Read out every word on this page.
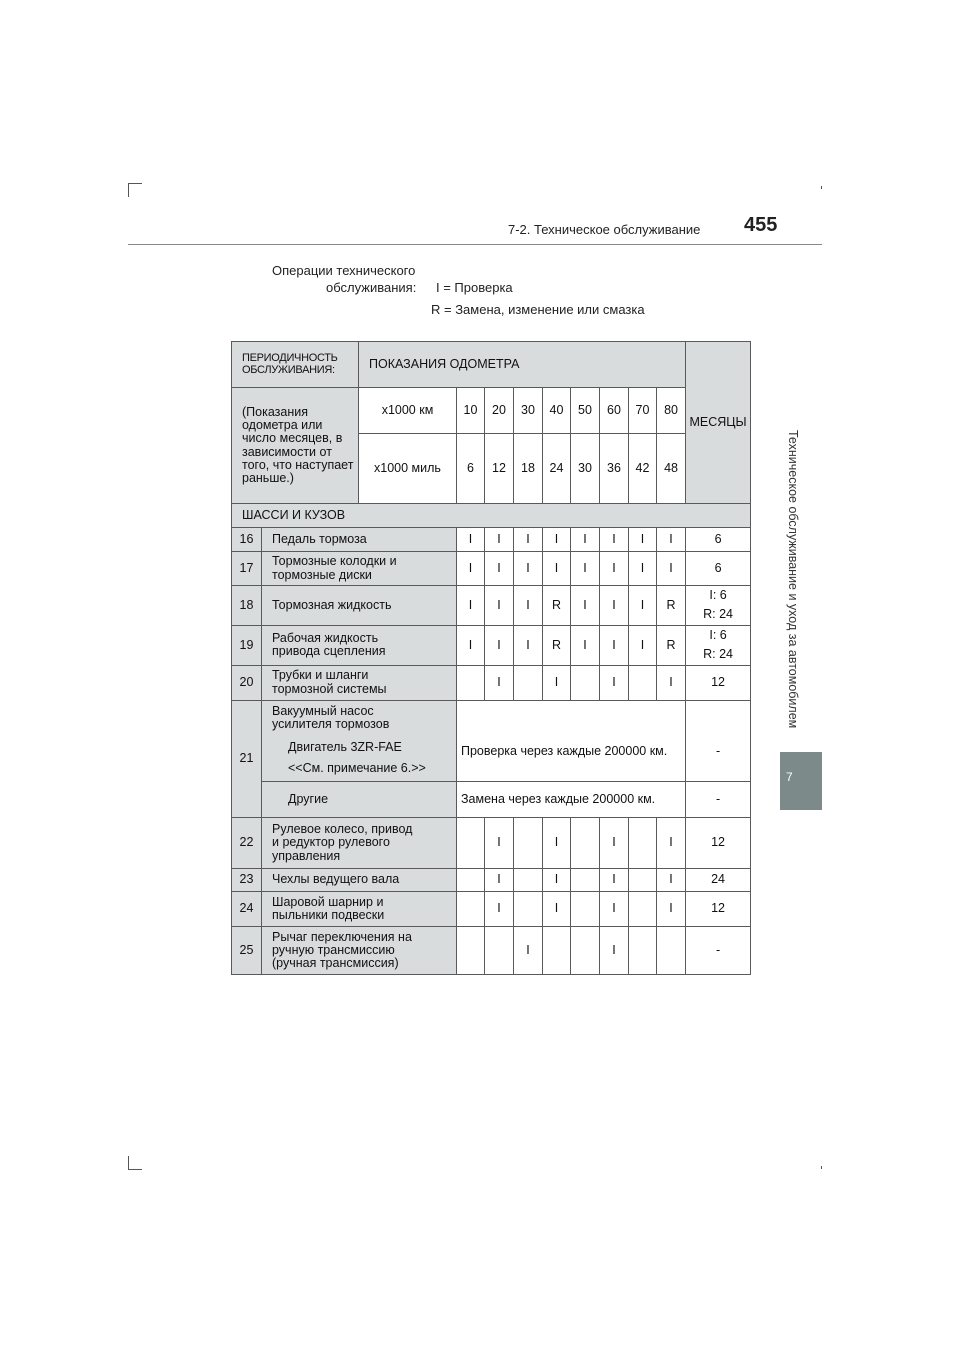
7-2. Техническое обслуживание 455
Техническое обслуживание и уход за автомобилем
7
Операции технического
обслуживания: I = Проверка
R = Замена, изменение или смазка
ПЕРИОДИЧНОСТЬ ОБСЛУЖИВАНИЯ:		ПОКАЗАНИЯ ОДОМЕТРА									МЕСЯЦЫ
(Показания одометра или число месяцев, в зависимости от того, что наступает раньше.)		x1000 км	10	20	30	40	50	60	70	80	
		x1000 миль	6	12	18	24	30	36	42	48	
ШАССИ И КУЗОВ											
16	Педаль тормоза		I	I	I	I	I	I	I	I	6
17	Тормозные колодки и тормозные диски		I	I	I	I	I	I	I	I	6
18	Тормозная жидкость		I	I	I	R	I	I	I	R	I: 6
R: 24

19	Рабочая жидкость привода сцепления		I	I	I	R	I	I	I	R	I: 6
R: 24

20	Трубки и шланги тормозной системы			I		I		I		I	12
21	Вакуумный насос усилителя тормозов
Двигатель 3ZR-FAE
<<См. примечание 6.>>		Проверка через каждые 200000 км.								-
	Другие		Замена через каждые 200000 км.								-
22	Рулевое колесо, привод и редуктор рулевого управления			I		I		I		I	12
23	Чехлы ведущего вала			I		I		I		I	24
24	Шаровой шарнир и пыльники подвески			I		I		I		I	12
25	Рычаг переключения на ручную трансмиссию (ручная трансмиссия)				I			I			-
